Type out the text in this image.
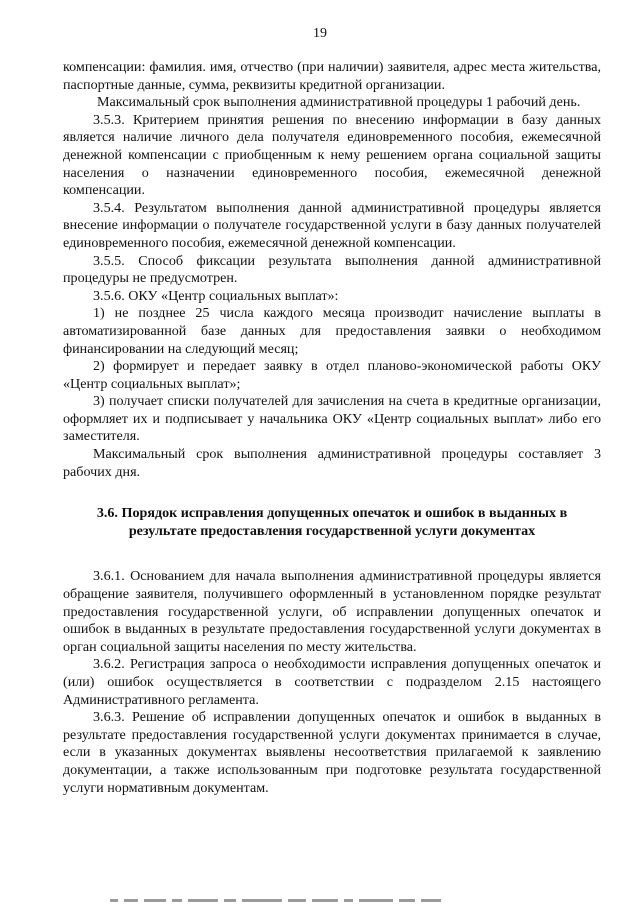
19

компенсации: фамилия. имя, отчество (при наличии) заявителя, адрес места жительства, паспортные данные, сумма, реквизиты кредитной организации.

Максимальный срок выполнения административной процедуры 1 рабочий день.

3.5.3. Критерием принятия решения по внесению информации в базу данных является наличие личного дела получателя единовременного пособия, ежемесячной денежной компенсации с приобщенным к нему решением органа социальной защиты населения о назначении единовременного пособия, ежемесячной денежной компенсации.

3.5.4. Результатом выполнения данной административной процедуры является внесение информации о получателе государственной услуги в базу данных получателей единовременного пособия, ежемесячной денежной компенсации.

3.5.5. Способ фиксации результата выполнения данной административной процедуры не предусмотрен.

3.5.6. ОКУ «Центр социальных выплат»:

1) не позднее 25 числа каждого месяца производит начисление выплаты в автоматизированной базе данных для предоставления заявки о необходимом финансировании на следующий месяц;

2) формирует и передает заявку в отдел планово-экономической работы ОКУ «Центр социальных выплат»;

3) получает списки получателей для зачисления на счета в кредитные организации, оформляет их и подписывает у начальника ОКУ «Центр социальных выплат» либо его заместителя.

Максимальный срок выполнения административной процедуры составляет 3 рабочих дня.

3.6. Порядок исправления допущенных опечаток и ошибок в выданных в результате предоставления государственной услуги документах

3.6.1. Основанием для начала выполнения административной процедуры является обращение заявителя, получившего оформленный в установленном порядке результат предоставления государственной услуги, об исправлении допущенных опечаток и ошибок в выданных в результате предоставления государственной услуги документах в орган социальной защиты населения по месту жительства.

3.6.2. Регистрация запроса о необходимости исправления допущенных опечаток и (или) ошибок осуществляется в соответствии с подразделом 2.15 настоящего Административного регламента.

3.6.3. Решение об исправлении допущенных опечаток и ошибок в выданных в результате предоставления государственной услуги документах принимается в случае, если в указанных документах выявлены несоответствия прилагаемой к заявлению документации, а также использованным при подготовке результата государственной услуги нормативным документам.
